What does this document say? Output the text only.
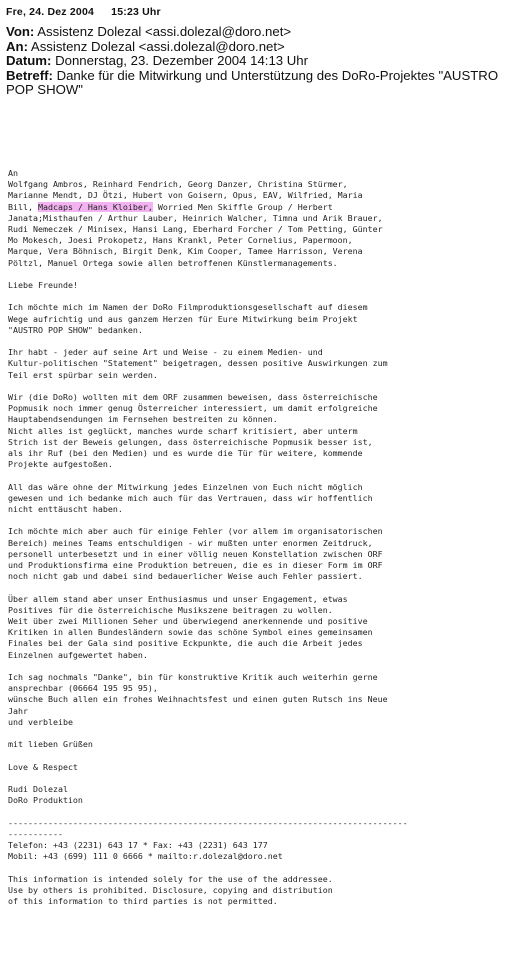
Fre, 24. Dez 2004 15:23 Uhr
Von: Assistenz Dolezal <assi.dolezal@doro.net>
An: Assistenz Dolezal <assi.dolezal@doro.net>
Datum: Donnerstag, 23. Dezember 2004 14:13 Uhr
Betreff: Danke für die Mitwirkung und Unterstützung des DoRo-Projektes "AUSTRO POP SHOW"

An
Wolfgang Ambros, Reinhard Fendrich, Georg Danzer, Christina Stürmer,
Marianne Mendt, DJ Ötzi, Hubert von Goisern, Opus, EAV, Wilfried, Maria
Bill, Madcaps / Hans Kloiber, Worried Men Skiffle Group / Herbert
Janata;Misthaufen / Arthur Lauber, Heinrich Walcher, Timna und Arik Brauer,
Rudi Nemeczek / Minisex, Hansi Lang, Eberhard Forcher / Tom Petting, Günter
Mo Mokesch, Joesi Prokopetz, Hans Krankl, Peter Cornelius, Papermoon,
Marque, Vera Böhnisch, Birgit Denk, Kim Cooper, Tamee Harrisson, Verena
Pöltzl, Manuel Ortega sowie allen betroffenen Künstlermanagements.

Liebe Freunde!

Ich möchte mich im Namen der DoRo Filmproduktionsgesellschaft auf diesem
Wege aufrichtig und aus ganzem Herzen für Eure Mitwirkung beim Projekt
"AUSTRO POP SHOW" bedanken.

Ihr habt - jeder auf seine Art und Weise - zu einem Medien- und
Kultur-politischen "Statement" beigetragen, dessen positive Auswirkungen zum
Teil erst spürbar sein werden.

Wir (die DoRo) wollten mit dem ORF zusammen beweisen, dass österreichische
Popmusik noch immer genug Österreicher interessiert, um damit erfolgreiche
Hauptabendsendungen im Fernsehen bestreiten zu können.
Nicht alles ist geglückt, manches wurde scharf kritisiert, aber unterm
Strich ist der Beweis gelungen, dass österreichische Popmusik besser ist,
als ihr Ruf (bei den Medien) und es wurde die Tür für weitere, kommende
Projekte aufgestoßen.

All das wäre ohne der Mitwirkung jedes Einzelnen von Euch nicht möglich
gewesen und ich bedanke mich auch für das Vertrauen, dass wir hoffentlich
nicht enttäuscht haben.

Ich möchte mich aber auch für einige Fehler (vor allem im organisatorischen
Bereich) meines Teams entschuldigen - wir mußten unter enormen Zeitdruck,
personell unterbesetzt und in einer völlig neuen Konstellation zwischen ORF
und Produktionsfirma eine Produktion betreuen, die es in dieser Form im ORF
noch nicht gab und dabei sind bedauerlicher Weise auch Fehler passiert.

Über allem stand aber unser Enthusiasmus und unser Engagement, etwas
Positives für die österreichische Musikszene beitragen zu wollen.
Weit über zwei Millionen Seher und überwiegend anerkennende und positive
Kritiken in allen Bundesländern sowie das schöne Symbol eines gemeinsamen
Finales bei der Gala sind positive Eckpunkte, die auch die Arbeit jedes
Einzelnen aufgewertet haben.

Ich sag nochmals "Danke", bin für konstruktive Kritik auch weiterhin gerne
ansprechbar (06664 195 95 95),
wünsche Buch allen ein frohes Weihnachtsfest und einen guten Rutsch ins Neue
Jahr
und verbleibe

mit lieben Grüßen

Love & Respect

Rudi Dolezal
DoRo Produktion

--------------------------------------------------------------------------------
-----------
Telefon: +43 (2231) 643 17 * Fax: +43 (2231) 643 177
Mobil: +43 (699) 111 0 6666 * mailto:r.dolezal@doro.net

This information is intended solely for the use of the addressee.
Use by others is prohibited. Disclosure, copying and distribution
of this information to third parties is not permitted.
